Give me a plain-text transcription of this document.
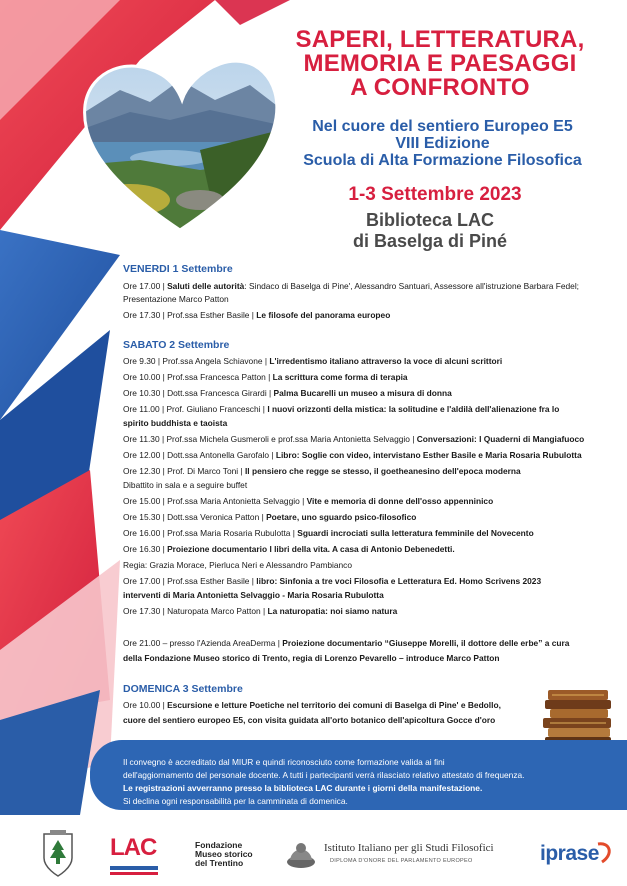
SAPERI, LETTERATURA,
MEMORIA E PAESAGGI
A CONFRONTO
Nel cuore del sentiero Europeo E5
VIII Edizione
Scuola di Alta Formazione Filosofica
1-3 Settembre 2023
Biblioteca LAC
di Baselga di Piné
VENERDI 1 Settembre
Ore 17.00 | Saluti delle autorità: Sindaco di Baselga di Pine', Alessandro Santuari, Assessore all'istruzione Barbara Fedel;
Presentazione Marco Patton
Ore 17.30 | Prof.ssa Esther Basile | Le filosofe del panorama europeo
SABATO 2 Settembre
Ore 9.30 | Prof.ssa Angela Schiavone | L'irredentismo italiano attraverso la voce di alcuni scrittori
Ore 10.00 | Prof.ssa Francesca Patton | La scrittura come forma di terapia
Ore 10.30 | Dott.ssa Francesca Girardi | Palma Bucarelli un museo a misura di donna
Ore 11.00 | Prof. Giuliano Franceschi | I nuovi orizzonti della mistica: la solitudine e l'aldilà dell'alienazione fra lo
spirito buddhista e taoista
Ore 11.30 | Prof.ssa Michela Gusmeroli e prof.ssa Maria Antonietta Selvaggio | Conversazioni: I Quaderni di Mangiafuoco
Ore 12.00 | Dott.ssa Antonella Garofalo | Libro: Soglie con video, intervistano Esther Basile e Maria Rosaria Rubulotta
Ore 12.30 | Prof. Di Marco Toni | Il pensiero che regge se stesso, il goetheanesino dell'epoca moderna
Dibattito in sala e a seguire buffet
Ore 15.00 | Prof.ssa Maria Antonietta Selvaggio | Vite e memoria di donne dell'osso appenninico
Ore 15.30 | Dott.ssa Veronica Patton | Poetare, uno sguardo psico-filosofico
Ore 16.00 | Prof.ssa Maria Rosaria Rubulotta | Sguardi incrociati sulla letteratura femminile del Novecento
Ore 16.30 | Proiezione documentario I libri della vita. A casa di Antonio Debenedetti.
Regia: Grazia Morace, Pierluca Neri e Alessandro Pambianco
Ore 17.00 | Prof.ssa Esther Basile | libro: Sinfonia a tre voci Filosofia e Letteratura Ed. Homo Scrivens 2023
interventi di Maria Antonietta Selvaggio - Maria Rosaria Rubulotta
Ore 17.30 | Naturopata Marco Patton | La naturopatia: noi siamo natura
Ore 21.00 – presso l'Azienda AreaDerma | Proiezione documentario “Giuseppe Morelli, il dottore delle erbe” a cura
della Fondazione Museo storico di Trento, regia di Lorenzo Pevarello – introduce Marco Patton
DOMENICA 3 Settembre
Ore 10.00 | Escursione e letture Poetiche nel territorio dei comuni di Baselga di Pine' e Bedollo,
cuore del sentiero europeo E5, con visita guidata all'orto botanico dell'apicoltura Gocce d'oro
Il convegno è accreditato dal MIUR e quindi riconosciuto come formazione valida ai fini
dell'aggiornamento del personale docente. A tutti i partecipanti verrà rilasciato relativo attestato di frequenza.
Le registrazioni avverranno presso la biblioteca LAC durante i giorni della manifestazione.
Si declina ogni responsabilità per la camminata di domenica.
LAC	Fondazione
Museo storico
del Trentino
Istituto Italiano per gli Studi Filosofici
DIPLOMA D'ONORE DEL PARLAMENTO EUROPEO	iprase
